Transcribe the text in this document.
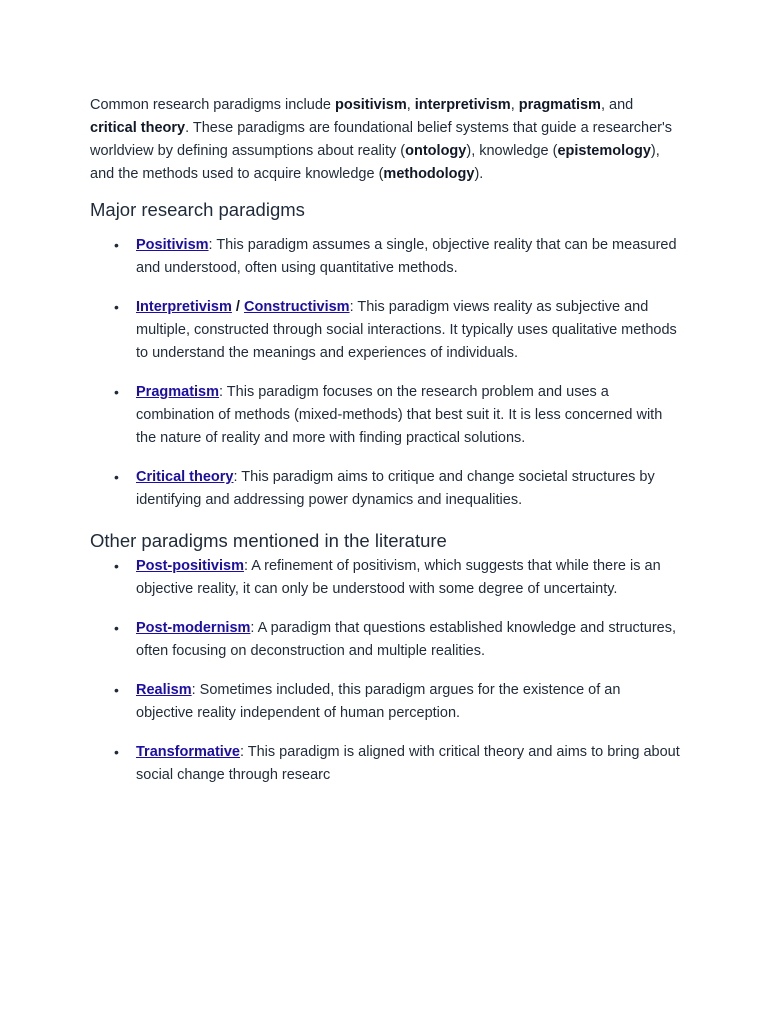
Common research paradigms include positivism, interpretivism, pragmatism, and critical theory. These paradigms are foundational belief systems that guide a researcher's worldview by defining assumptions about reality (ontology), knowledge (epistemology), and the methods used to acquire knowledge (methodology).

Major research paradigms
• Positivism: This paradigm assumes a single, objective reality that can be measured and understood, often using quantitative methods.
• Interpretivism / Constructivism: This paradigm views reality as subjective and multiple, constructed through social interactions. It typically uses qualitative methods to understand the meanings and experiences of individuals.
• Pragmatism: This paradigm focuses on the research problem and uses a combination of methods (mixed-methods) that best suit it. It is less concerned with the nature of reality and more with finding practical solutions.
• Critical theory: This paradigm aims to critique and change societal structures by identifying and addressing power dynamics and inequalities.
Other paradigms mentioned in the literature
• Post-positivism: A refinement of positivism, which suggests that while there is an objective reality, it can only be understood with some degree of uncertainty.
• Post-modernism: A paradigm that questions established knowledge and structures, often focusing on deconstruction and multiple realities.
• Realism: Sometimes included, this paradigm argues for the existence of an objective reality independent of human perception.
• Transformative: This paradigm is aligned with critical theory and aims to bring about social change through researc
